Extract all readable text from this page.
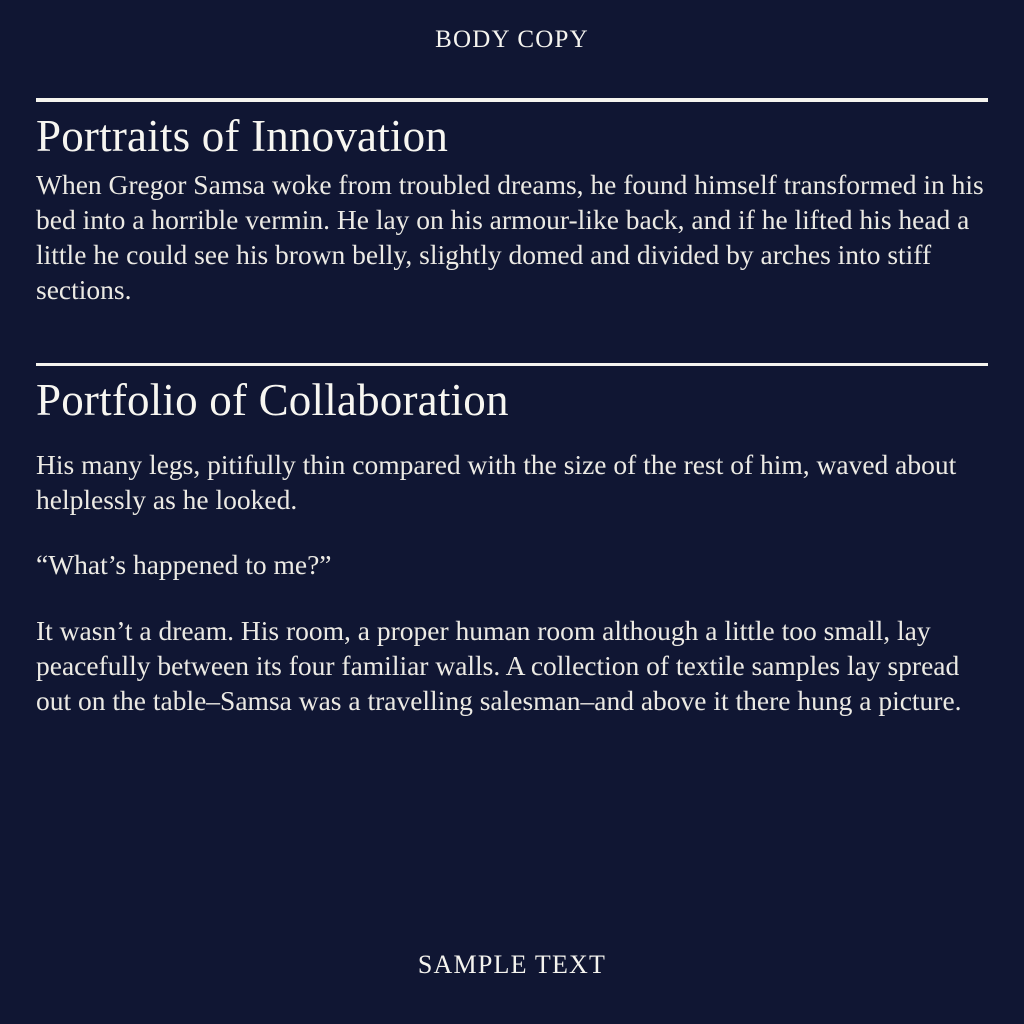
BODY COPY
Portraits of Innovation

When Gregor Samsa woke from troubled dreams, he found himself transformed in his bed into a horrible vermin. He lay on his armour-like back, and if he lifted his head a little he could see his brown belly, slightly domed and divided by arches into stiff sections.

Portfolio of Collaboration

His many legs, pitifully thin compared with the size of the rest of him, waved about helplessly as he looked.

“What’s happened to me?”

It wasn’t a dream. His room, a proper human room although a little too small, lay peacefully between its four familiar walls. A collection of textile samples lay spread out on the table–Samsa was a travelling salesman–and above it there hung a picture.

SAMPLE TEXT
